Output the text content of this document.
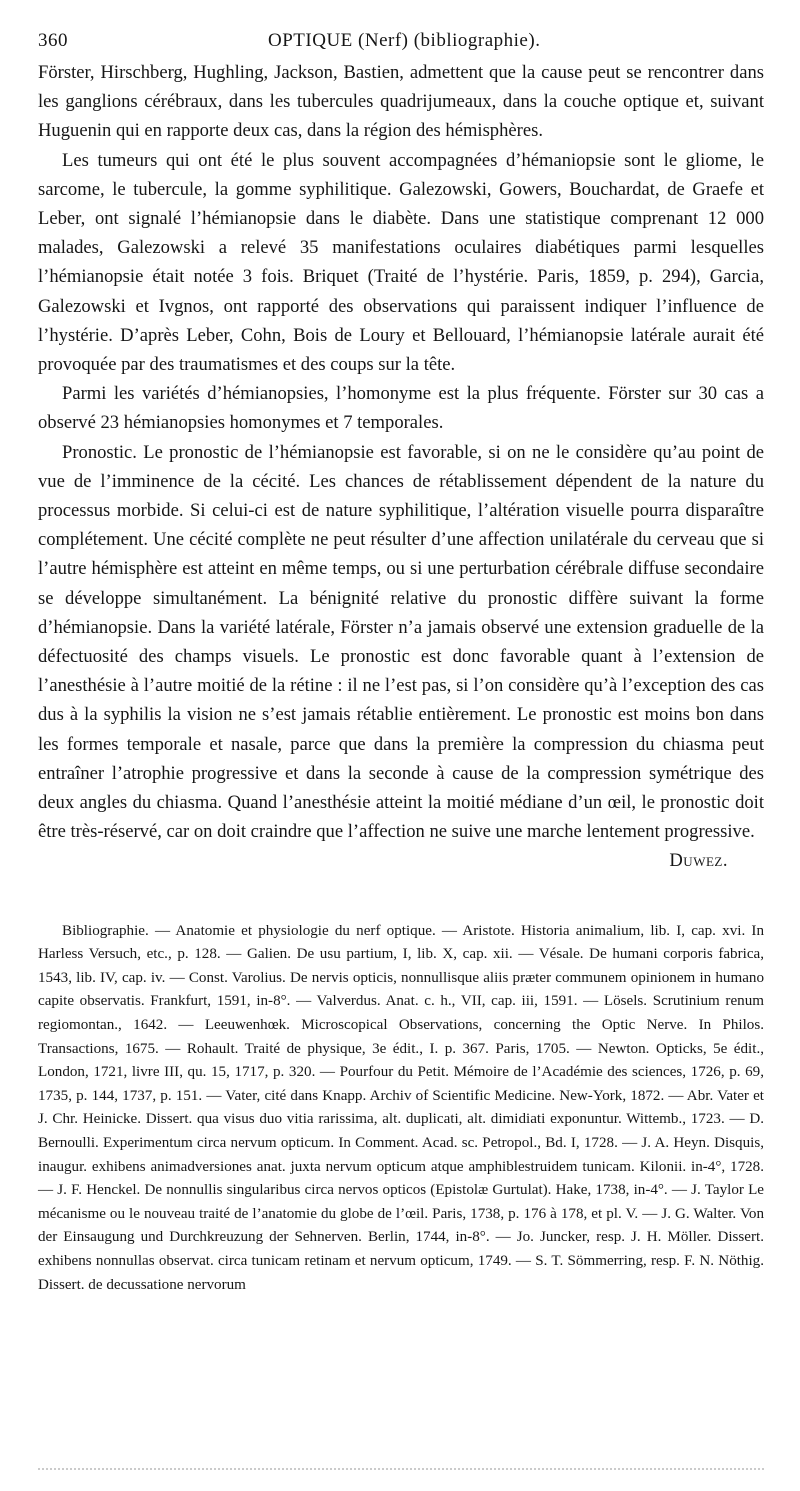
360	OPTIQUE (Nerf) (bibliographie).

Förster, Hirschberg, Hughling, Jackson, Bastien, admettent que la cause peut se rencontrer dans les ganglions cérébraux, dans les tubercules quadrijumeaux, dans la couche optique et, suivant Huguenin qui en rapporte deux cas, dans la région des hémisphères.

Les tumeurs qui ont été le plus souvent accompagnées d’hémaniopsie sont le gliome, le sarcome, le tubercule, la gomme syphilitique. Galezowski, Gowers, Bouchardat, de Graefe et Leber, ont signalé l’hémianopsie dans le diabète. Dans une statistique comprenant 12 000 malades, Galezowski a relevé 35 manifestations oculaires diabétiques parmi lesquelles l’hémianopsie était notée 3 fois. Briquet (Traité de l’hystérie. Paris, 1859, p. 294), Garcia, Galezowski et Ivgnos, ont rapporté des observations qui paraissent indiquer l’influence de l’hystérie. D’après Leber, Cohn, Bois de Loury et Bellouard, l’hémianopsie latérale aurait été provoquée par des traumatismes et des coups sur la tête.

Parmi les variétés d’hémianopsies, l’homonyme est la plus fréquente. Förster sur 30 cas a observé 23 hémianopsies homonymes et 7 temporales.

Pronostic. Le pronostic de l’hémianopsie est favorable, si on ne le considère qu’au point de vue de l’imminence de la cécité. Les chances de rétablissement dépendent de la nature du processus morbide. Si celui-ci est de nature syphilitique, l’altération visuelle pourra disparaître complétement. Une cécité complète ne peut résulter d’une affection unilatérale du cerveau que si l’autre hémisphère est atteint en même temps, ou si une perturbation cérébrale diffuse secondaire se développe simultanément. La bénignité relative du pronostic diffère suivant la forme d’hémianopsie. Dans la variété latérale, Förster n’a jamais observé une extension graduelle de la défectuosité des champs visuels. Le pronostic est donc favorable quant à l’extension de l’anesthésie à l’autre moitié de la rétine : il ne l’est pas, si l’on considère qu’à l’exception des cas dus à la syphilis la vision ne s’est jamais rétablie entièrement. Le pronostic est moins bon dans les formes temporale et nasale, parce que dans la première la compression du chiasma peut entraîner l’atrophie progressive et dans la seconde à cause de la compression symétrique des deux angles du chiasma. Quand l’anesthésie atteint la moitié médiane d’un œil, le pronostic doit être très-réservé, car on doit craindre que l’affection ne suive une marche lentement progressive.
Duwez.

Bibliographie. — Anatomie et physiologie du nerf optique. — Aristote. Historia animalium, lib. I, cap. xvi. In Harless Versuch, etc., p. 128. — Galien. De usu partium, I, lib. X, cap. xii. — Vésale. De humani corporis fabrica, 1543, lib. IV, cap. iv. — Const. Varolius. De nervis opticis, nonnullisque aliis præter communem opinionem in humano capite observatis. Frankfurt, 1591, in-8°. — Valverdus. Anat. c. h., VII, cap. iii, 1591. — Lösels. Scrutinium renum regiomontan., 1642. — Leeuwenhœk. Microscopical Observations, concerning the Optic Nerve. In Philos. Transactions, 1675. — Rohault. Traité de physique, 3e édit., I. p. 367. Paris, 1705. — Newton. Opticks, 5e édit., London, 1721, livre III, qu. 15, 1717, p. 320. — Pourfour du Petit. Mémoire de l’Académie des sciences, 1726, p. 69, 1735, p. 144, 1737, p. 151. — Vater, cité dans Knapp. Archiv of Scientific Medicine. New-York, 1872. — Abr. Vater et J. Chr. Heinicke. Dissert. qua visus duo vitia rarissima, alt. duplicati, alt. dimidiati exponuntur. Wittemb., 1723. — D. Bernoulli. Experimentum circa nervum opticum. In Comment. Acad. sc. Petropol., Bd. I, 1728. — J. A. Heyn. Disquis, inaugur. exhibens animadversiones anat. juxta nervum opticum atque amphiblestruidem tunicam. Kilonii. in-4°, 1728. — J. F. Henckel. De nonnullis singularibus circa nervos opticos (Epistolæ Gurtulat). Hake, 1738, in-4°. — J. Taylor Le mécanisme ou le nouveau traité de l’anatomie du globe de l’œil. Paris, 1738, p. 176 à 178, et pl. V. — J. G. Walter. Von der Einsaugung und Durchkreuzung der Sehnerven. Berlin, 1744, in-8°. — Jo. Juncker, resp. J. H. Möller. Dissert. exhibens nonnullas observat. circa tunicam retinam et nervum opticum, 1749. — S. T. Sömmerring, resp. F. N. Nöthig. Dissert. de decussatione nervorum
